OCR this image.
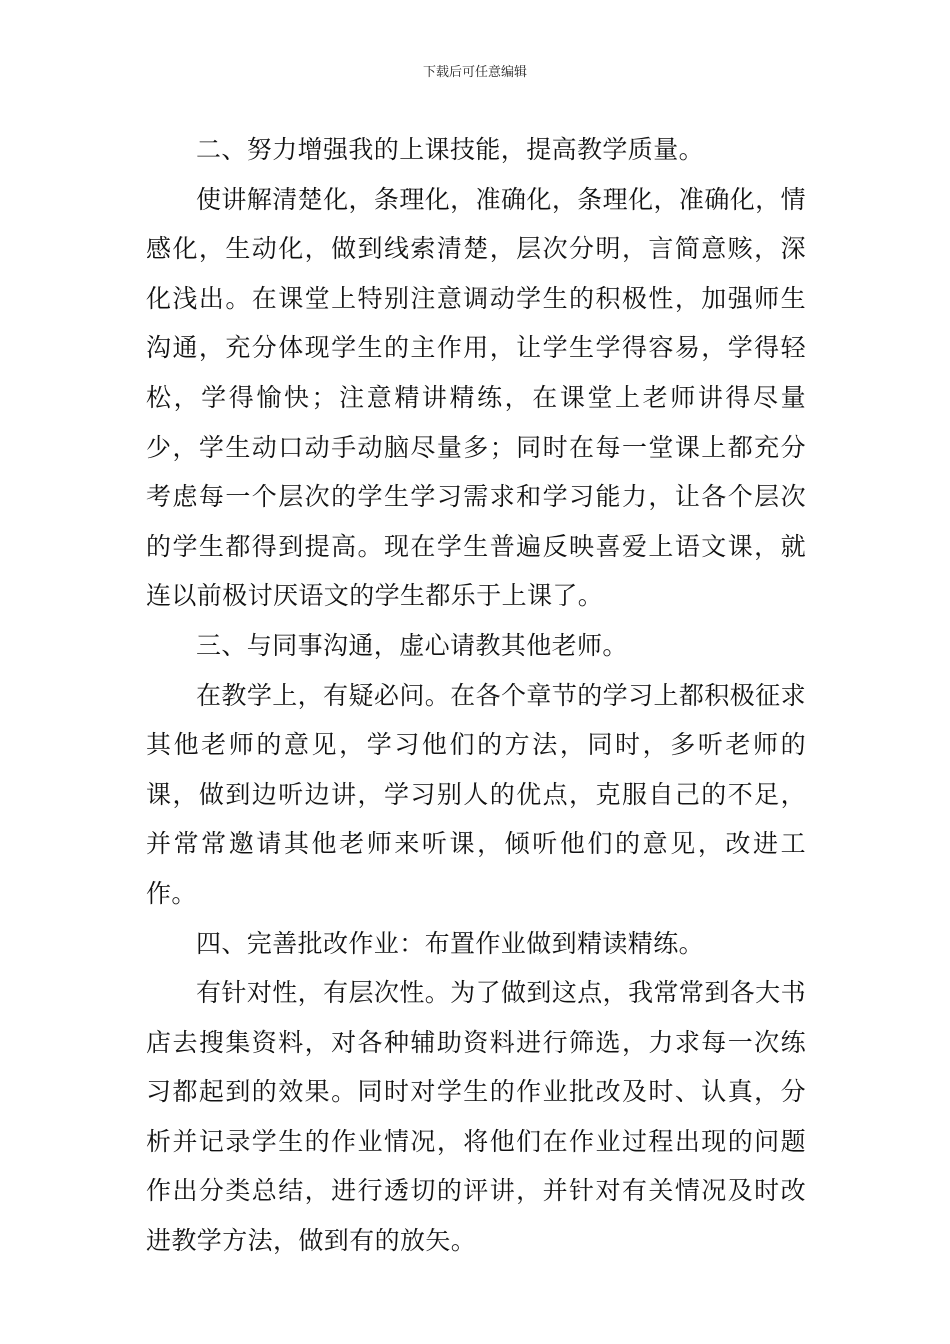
下载后可任意编辑

二、努力增强我的上课技能，提高教学质量。

使讲解清楚化，条理化，准确化，条理化，准确化，情感化，生动化，做到线索清楚，层次分明，言简意赅，深化浅出。在课堂上特别注意调动学生的积极性，加强师生沟通，充分体现学生的主作用，让学生学得容易，学得轻松，学得愉快；注意精讲精练，在课堂上老师讲得尽量少，学生动口动手动脑尽量多；同时在每一堂课上都充分考虑每一个层次的学生学习需求和学习能力，让各个层次的学生都得到提高。现在学生普遍反映喜爱上语文课，就连以前极讨厌语文的学生都乐于上课了。

三、与同事沟通，虚心请教其他老师。

在教学上，有疑必问。在各个章节的学习上都积极征求其他老师的意见，学习他们的方法，同时，多听老师的课，做到边听边讲，学习别人的优点，克服自己的不足，并常常邀请其他老师来听课，倾听他们的意见，改进工作。

四、完善批改作业：布置作业做到精读精练。

有针对性，有层次性。为了做到这点，我常常到各大书店去搜集资料，对各种辅助资料进行筛选，力求每一次练习都起到的效果。同时对学生的作业批改及时、认真，分析并记录学生的作业情况，将他们在作业过程出现的问题作出分类总结，进行透切的评讲，并针对有关情况及时改进教学方法，做到有的放矢。
